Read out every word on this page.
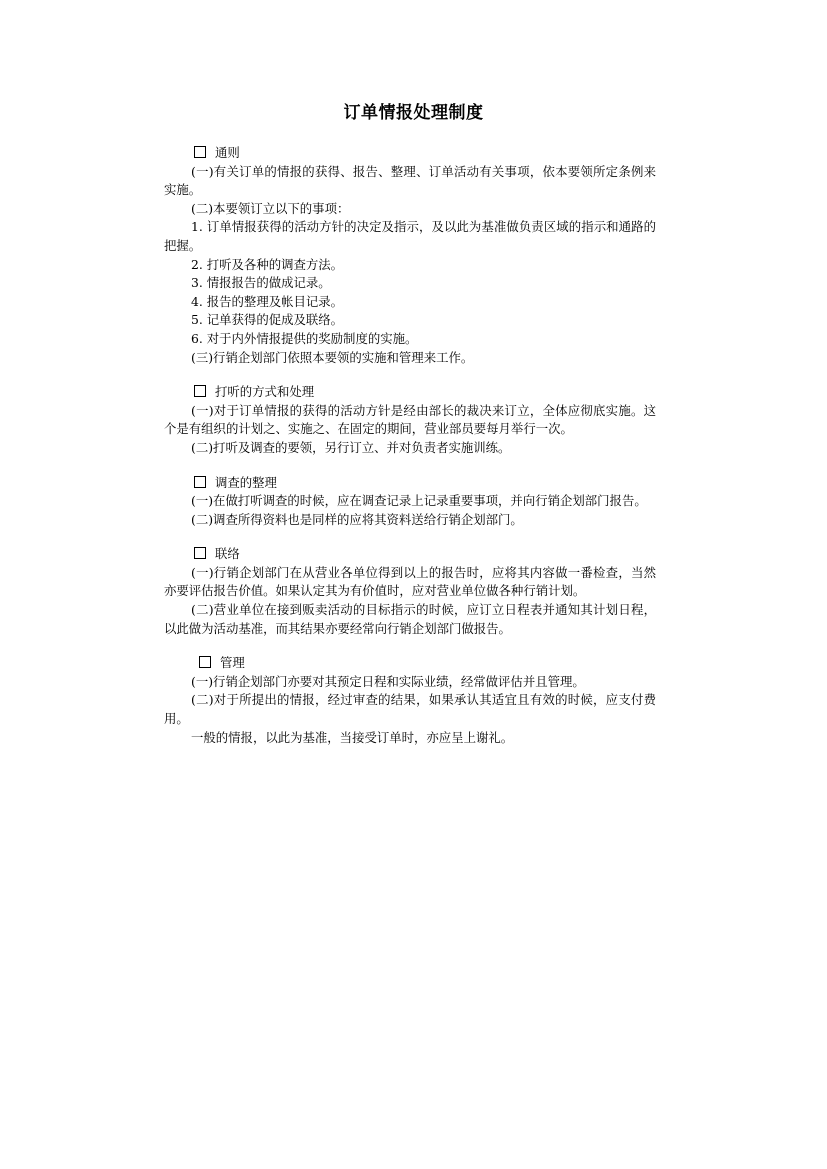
订单情报处理制度

通则

(一)有关订单的情报的获得、报告、整理、订单活动有关事项，依本要领所定条例来实施。

(二)本要领订立以下的事项：

1. 订单情报获得的活动方针的决定及指示，及以此为基准做负责区域的指示和通路的把握。

2. 打听及各种的调查方法。

3. 情报报告的做成记录。

4. 报告的整理及帐目记录。

5. 记单获得的促成及联络。

6. 对于内外情报提供的奖励制度的实施。

(三)行销企划部门依照本要领的实施和管理来工作。

打听的方式和处理

(一)对于订单情报的获得的活动方针是经由部长的裁决来订立，全体应彻底实施。这个是有组织的计划之、实施之、在固定的期间，营业部员要每月举行一次。

(二)打听及调查的要领，另行订立、并对负责者实施训练。

调查的整理

(一)在做打听调查的时候，应在调查记录上记录重要事项，并向行销企划部门报告。

(二)调查所得资料也是同样的应将其资料送给行销企划部门。

联络

(一)行销企划部门在从营业各单位得到以上的报告时，应将其内容做一番检查，当然亦要评估报告价值。如果认定其为有价值时，应对营业单位做各种行销计划。

(二)营业单位在接到贩卖活动的目标指示的时候，应订立日程表并通知其计划日程，以此做为活动基准，而其结果亦要经常向行销企划部门做报告。

管理

(一)行销企划部门亦要对其预定日程和实际业绩，经常做评估并且管理。

(二)对于所提出的情报，经过审查的结果，如果承认其适宜且有效的时候，应支付费用。

一般的情报，以此为基准，当接受订单时，亦应呈上谢礼。
